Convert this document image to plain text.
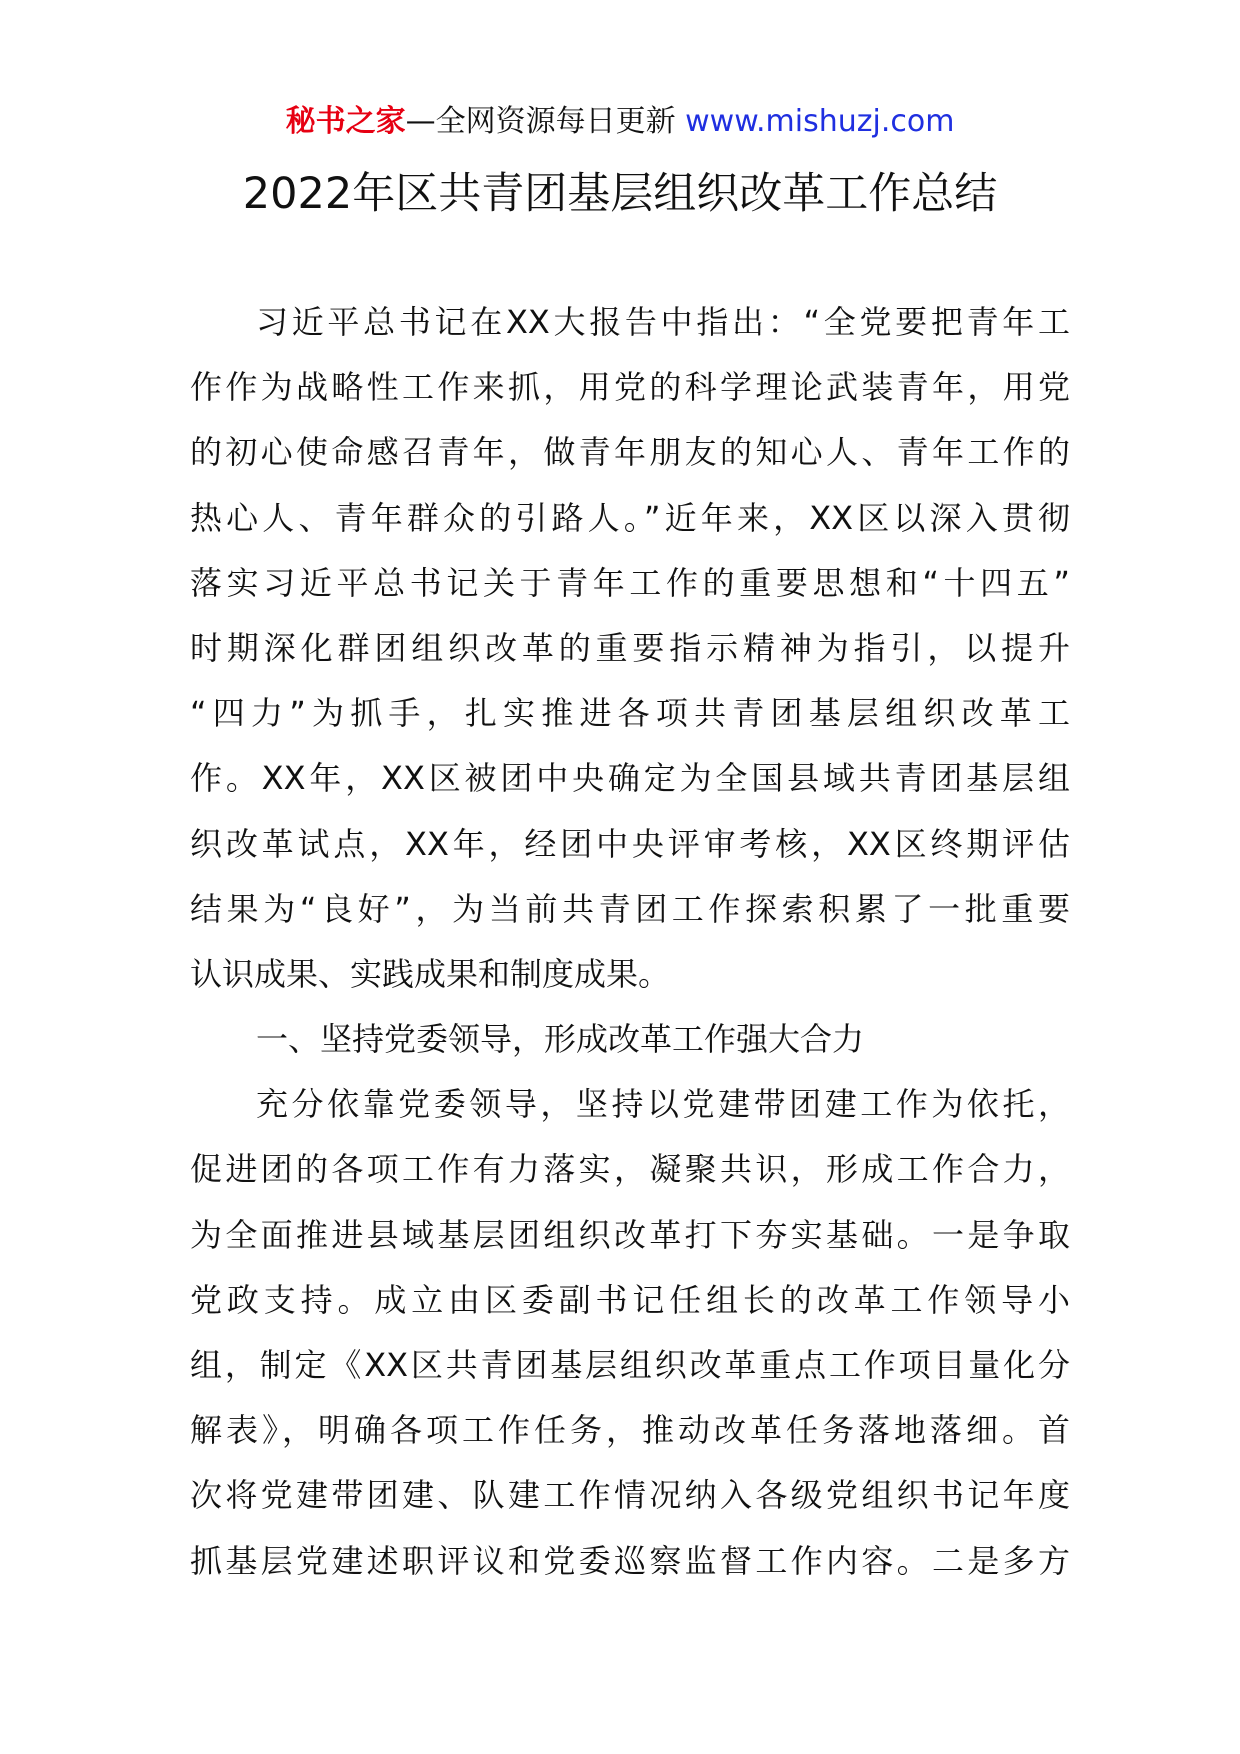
秘书之家—全网资源每日更新 www.mishuzj.com
2022年区共青团基层组织改革工作总结
习近平总书记在XX大报告中指出：“全党要把青年工
作作为战略性工作来抓，用党的科学理论武装青年，用党
的初心使命感召青年，做青年朋友的知心人、青年工作的
热心人、青年群众的引路人。”近年来，XX区以深入贯彻
落实习近平总书记关于青年工作的重要思想和“十四五”
时期深化群团组织改革的重要指示精神为指引，以提升
“四力”为抓手，扎实推进各项共青团基层组织改革工
作。XX年，XX区被团中央确定为全国县域共青团基层组
织改革试点，XX年，经团中央评审考核，XX区终期评估
结果为“良好”，为当前共青团工作探索积累了一批重要
认识成果、实践成果和制度成果。
一、坚持党委领导，形成改革工作强大合力
充分依靠党委领导，坚持以党建带团建工作为依托，
促进团的各项工作有力落实，凝聚共识，形成工作合力，
为全面推进县域基层团组织改革打下夯实基础。一是争取
党政支持。成立由区委副书记任组长的改革工作领导小
组，制定《XX区共青团基层组织改革重点工作项目量化分
解表》，明确各项工作任务，推动改革任务落地落细。首
次将党建带团建、队建工作情况纳入各级党组织书记年度
抓基层党建述职评议和党委巡察监督工作内容。二是多方
